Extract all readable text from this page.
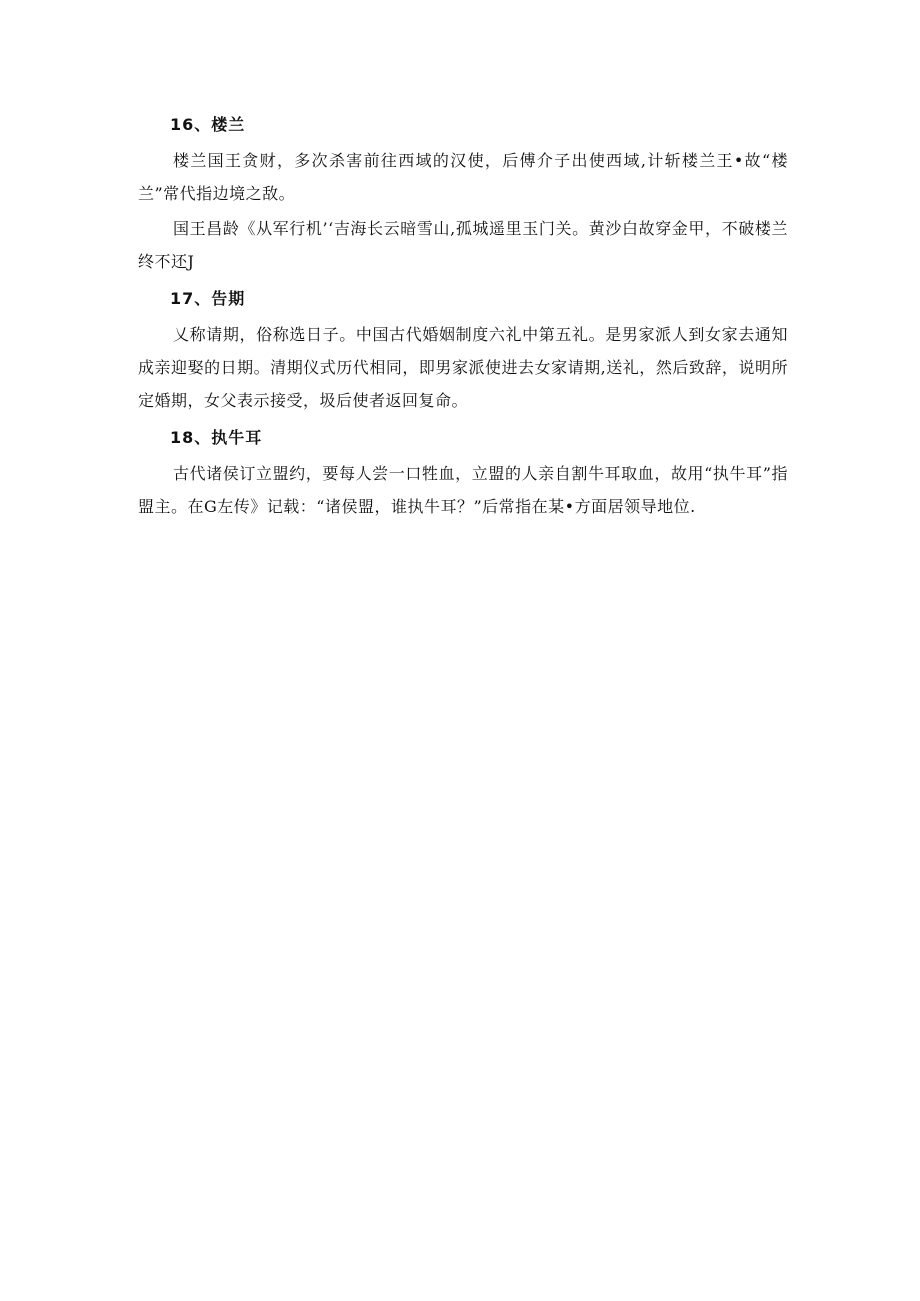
16、楼兰

楼兰国王贪财，多次杀害前往西域的汉使，后傅介子出使西域,计斩楼兰王•故“楼兰”常代指边境之敌。

国王昌龄《从军行机’‘吉海长云暗雪山,孤城遥里玉门关。黄沙白故穿金甲，不破楼兰终不还J

17、告期

乂称请期，俗称选日子。中国古代婚姻制度六礼中第五礼。是男家派人到女家去通知成亲迎娶的日期。清期仪式历代相同，即男家派使进去女家请期,送礼，然后致辞，说明所定婚期，女父表示接受，圾后使者返回复命。

18、执牛耳

古代诸侯订立盟约，要每人尝一口牲血，立盟的人亲自割牛耳取血，故用“执牛耳”指盟主。在G左传》记载：“诸侯盟，谁执牛耳？”后常指在某•方面居领导地位.
